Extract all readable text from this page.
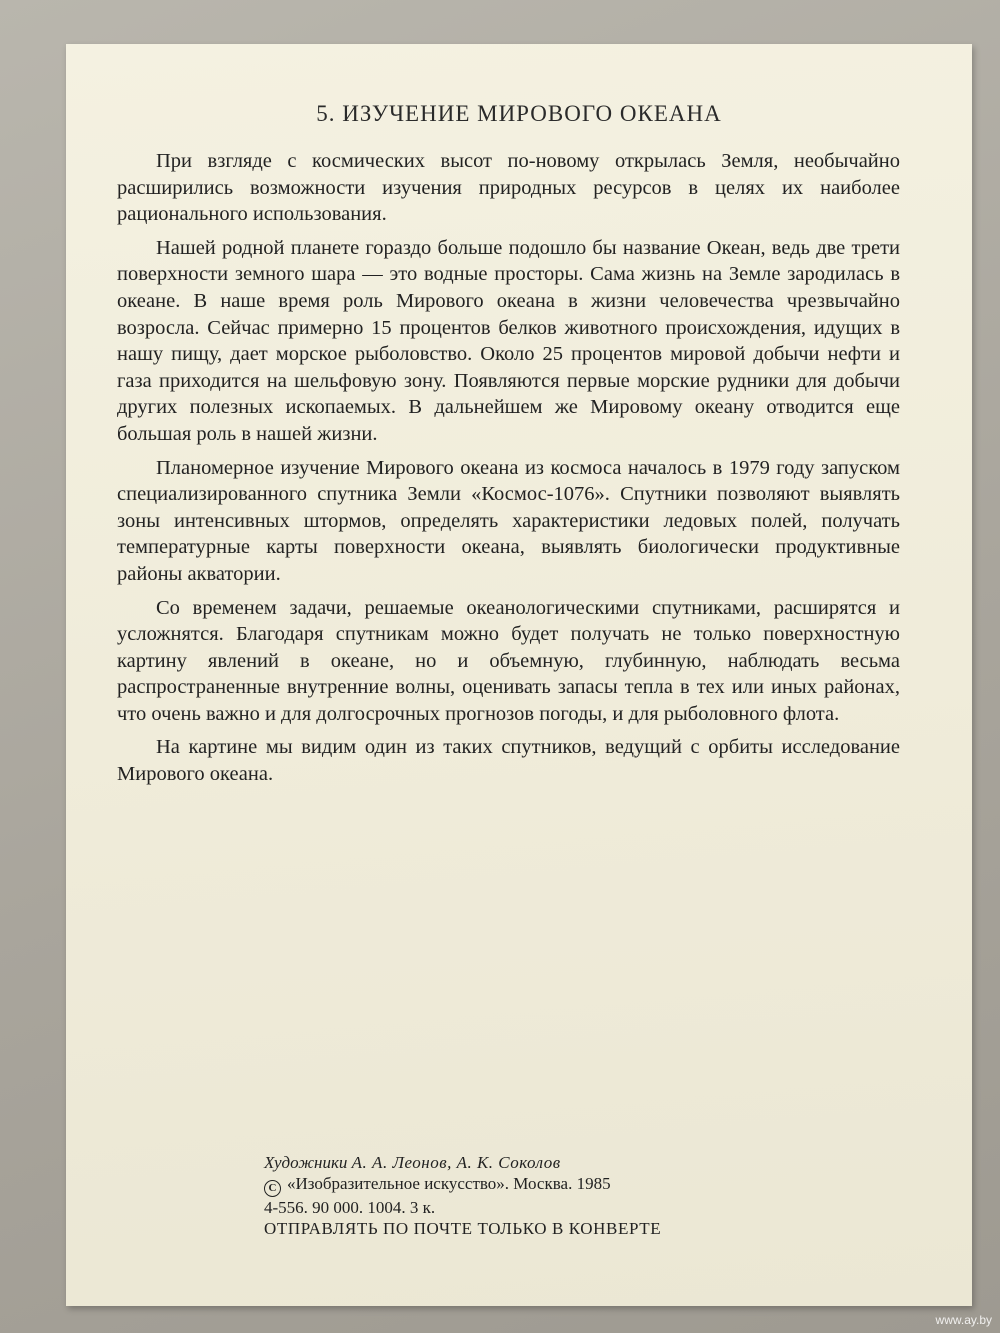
5. ИЗУЧЕНИЕ МИРОВОГО ОКЕАНА

При взгляде с космических высот по-новому открылась Земля, необычайно расширились возможности изучения природных ресурсов в целях их наиболее рационального использования.

Нашей родной планете гораздо больше подошло бы название Океан, ведь две трети поверхности земного шара — это водные просторы. Сама жизнь на Земле зародилась в океане. В наше время роль Мирового океана в жизни человечества чрезвычайно возросла. Сейчас примерно 15 процентов белков животного происхождения, идущих в нашу пищу, дает морское рыболовство. Около 25 процентов мировой добычи нефти и газа приходится на шельфовую зону. Появляются первые морские рудники для добычи других полезных ископаемых. В дальнейшем же Мировому океану отводится еще большая роль в нашей жизни.

Планомерное изучение Мирового океана из космоса началось в 1979 году запуском специализированного спутника Земли «Космос-1076». Спутники позволяют выявлять зоны интенсивных штормов, определять характеристики ледовых полей, получать температурные карты поверхности океана, выявлять биологически продуктивные районы акватории.

Со временем задачи, решаемые океанологическими спутниками, расширятся и усложнятся. Благодаря спутникам можно будет получать не только поверхностную картину явлений в океане, но и объемную, глубинную, наблюдать весьма распространенные внутренние волны, оценивать запасы тепла в тех или иных районах, что очень важно и для долгосрочных прогнозов погоды, и для рыболовного флота.

На картине мы видим один из таких спутников, ведущий с орбиты исследование Мирового океана.

Художники А. А. Леонов, А. К. Соколов
C «Изобразительное искусство». Москва. 1985
4-556. 90 000. 1004. 3 к.
ОТПРАВЛЯТЬ ПО ПОЧТЕ ТОЛЬКО В КОНВЕРТЕ
www.ay.by
